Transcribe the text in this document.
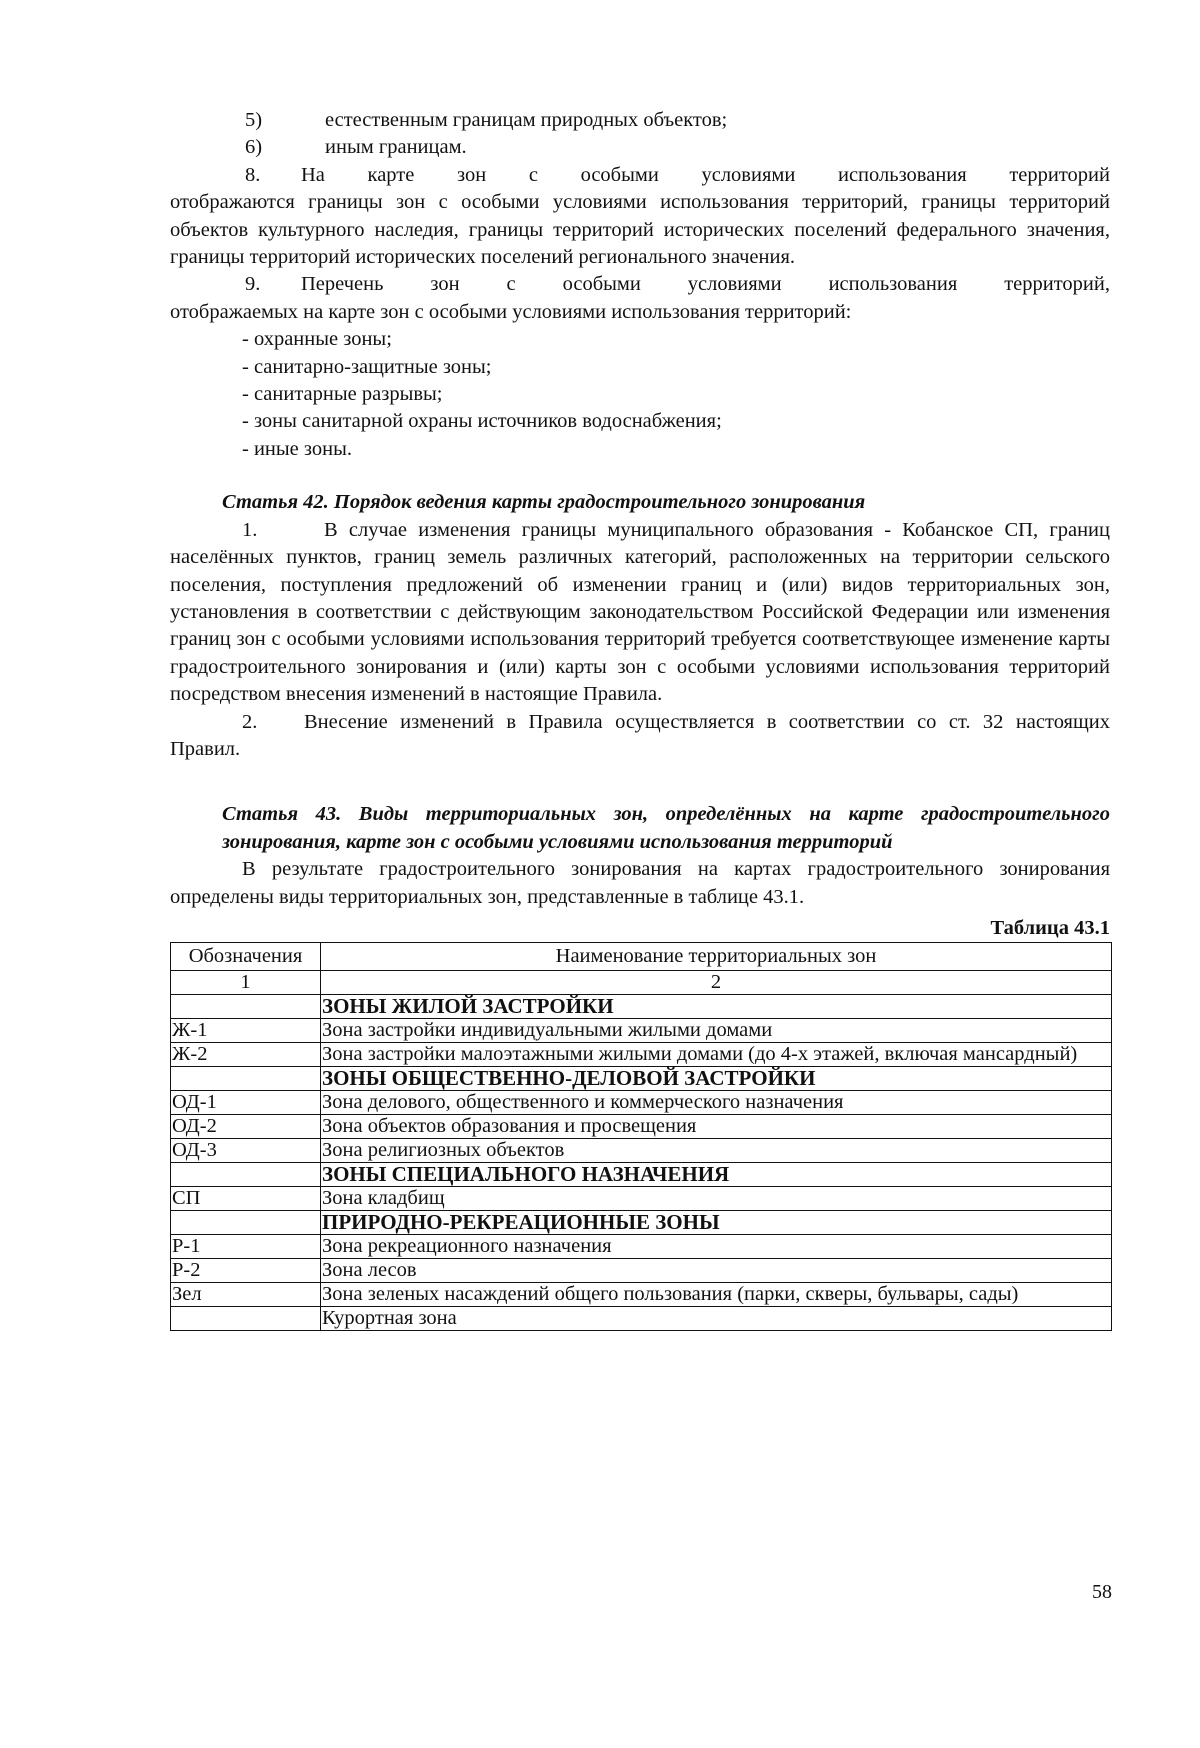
5)	естественным границам природных объектов;

6)	иным границам.

8. На карте зон с особыми условиями использования территорий

отображаются границы зон с особыми условиями использования территорий, границы территорий объектов культурного наследия, границы территорий исторических поселений федерального значения, границы территорий исторических поселений регионального значения.

9. Перечень зон с особыми условиями использования территорий,

отображаемых на карте зон с особыми условиями использования территорий:

- охранные зоны;

- санитарно-защитные зоны;

- санитарные разрывы;

- зоны санитарной охраны источников водоснабжения;

- иные зоны.

Статья 42. Порядок ведения карты градостроительного зонирования

1.	В случае изменения границы муниципального образования - Кобанское СП, границ населённых пунктов, границ земель различных категорий, расположенных на территории сельского поселения, поступления предложений об изменении границ и (или) видов территориальных зон, установления в соответствии с действующим законодательством Российской Федерации или изменения границ зон с особыми условиями использования территорий требуется соответствующее изменение карты градостроительного зонирования и (или) карты зон с особыми условиями использования территорий посредством внесения изменений в настоящие Правила.

2. Внесение изменений в Правила осуществляется в соответствии со ст. 32 настоящих Правил.

Статья 43. Виды территориальных зон, определённых на карте градостроительного зонирования, карте зон с особыми условиями использования территорий

В результате градостроительного зонирования на картах градостроительного зонирования определены виды территориальных зон, представленные в таблице 43.1.

Таблица 43.1

Обозначения	Наименование территориальных зон
1	2
	ЗОНЫ ЖИЛОЙ ЗАСТРОЙКИ
Ж-1	Зона застройки индивидуальными жилыми домами
Ж-2	Зона застройки малоэтажными жилыми домами (до 4-х этажей, включая мансардный)
	ЗОНЫ ОБЩЕСТВЕННО-ДЕЛОВОЙ ЗАСТРОЙКИ
ОД-1	Зона делового, общественного и коммерческого назначения
ОД-2	Зона объектов образования и просвещения
ОД-3	Зона религиозных объектов
	ЗОНЫ СПЕЦИАЛЬНОГО НАЗНАЧЕНИЯ
СП	Зона кладбищ
	ПРИРОДНО-РЕКРЕАЦИОННЫЕ ЗОНЫ
Р-1	Зона рекреационного назначения
Р-2	Зона лесов
Зел	Зона зеленых насаждений общего пользования (парки, скверы, бульвары, сады)
	Курортная зона
58
